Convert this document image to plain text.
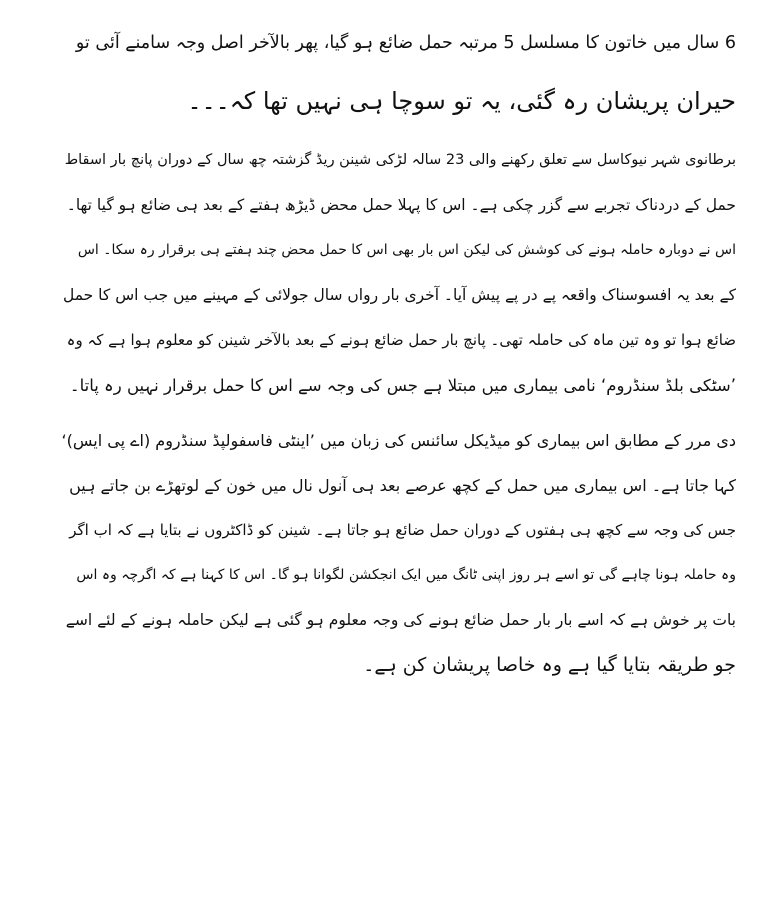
6 سال میں خاتون کا مسلسل 5 مرتبہ حمل ضائع ہو گیا، پھر بالآخر اصل وجہ سامنے آئی تو
حیران پریشان رہ گئی، یہ تو سوچا ہی نہیں تھا کہ۔۔۔

برطانوی شہر نیوکاسل سے تعلق رکھنے والی 23 سالہ لڑکی شینن ریڈ گزشتہ چھ سال کے دوران پانچ بار اسقاط
حمل کے دردناک تجربے سے گزر چکی ہے۔ اس کا پہلا حمل محض ڈیڑھ ہفتے کے بعد ہی ضائع ہو گیا تھا۔
اس نے دوبارہ حاملہ ہونے کی کوشش کی لیکن اس بار بھی اس کا حمل محض چند ہفتے ہی برقرار رہ سکا۔ اس
کے بعد یہ افسوسناک واقعہ پے در پے پیش آیا۔ آخری بار رواں سال جولائی کے مہینے میں جب اس کا حمل
ضائع ہوا تو وہ تین ماہ کی حاملہ تھی۔ پانچ بار حمل ضائع ہونے کے بعد بالآخر شینن کو معلوم ہوا ہے کہ وہ
’سٹکی بلڈ سنڈروم‘ نامی بیماری میں مبتلا ہے جس کی وجہ سے اس کا حمل برقرار نہیں رہ پاتا۔

دی مرر کے مطابق اس بیماری کو میڈیکل سائنس کی زبان میں ’اینٹی فاسفولپڈ سنڈروم (اے پی ایس)‘
کہا جاتا ہے۔ اس بیماری میں حمل کے کچھ عرصے بعد ہی آنول نال میں خون کے لوتھڑے بن جاتے ہیں
جس کی وجہ سے کچھ ہی ہفتوں کے دوران حمل ضائع ہو جاتا ہے۔ شینن کو ڈاکٹروں نے بتایا ہے کہ اب اگر
وہ حاملہ ہونا چاہے گی تو اسے ہر روز اپنی ٹانگ میں ایک انجکشن لگوانا ہو گا۔ اس کا کہنا ہے کہ اگرچہ وہ اس
بات پر خوش ہے کہ اسے بار بار حمل ضائع ہونے کی وجہ معلوم ہو گئی ہے لیکن حاملہ ہونے کے لئے اسے
جو طریقہ بتایا گیا ہے وہ خاصا پریشان کن ہے۔
